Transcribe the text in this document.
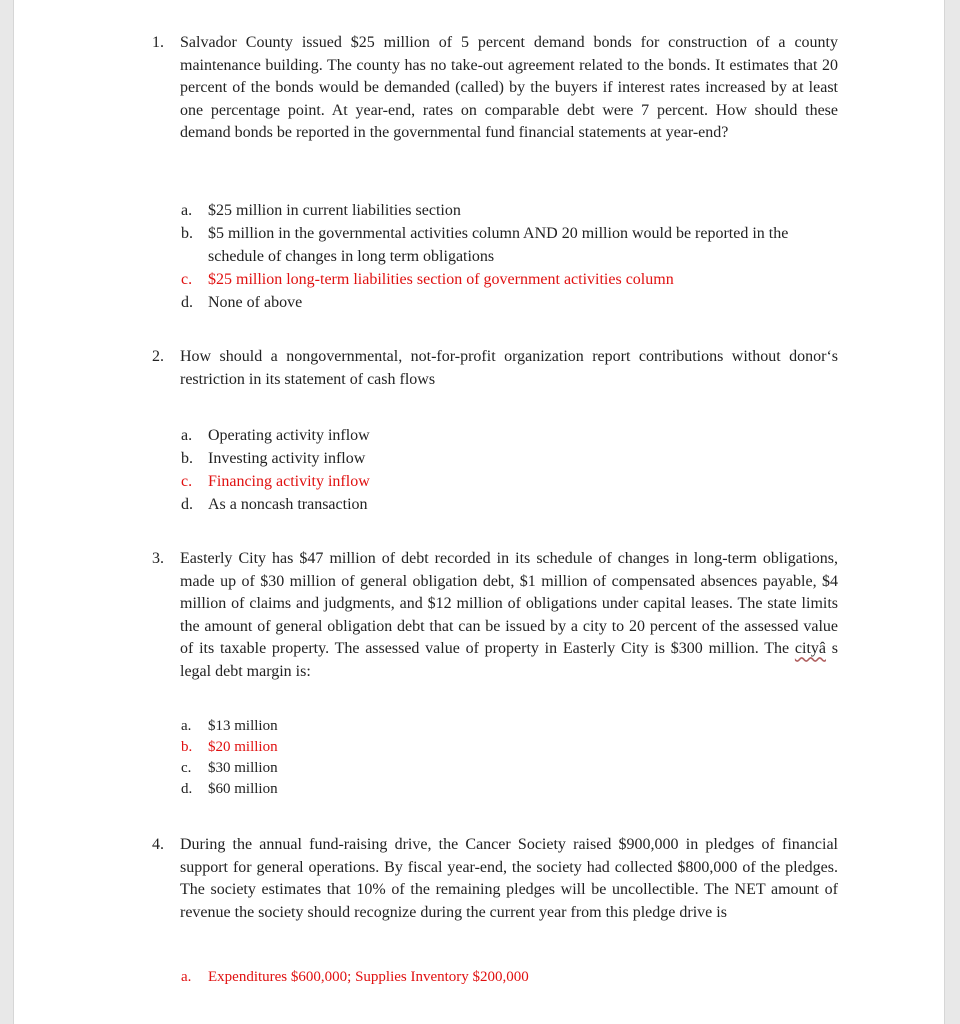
1.	Salvador County issued $25 million of 5 percent demand bonds for construction of a county maintenance building. The county has no take-out agreement related to the bonds. It estimates that 20 percent of the bonds would be demanded (called) by the buyers if interest rates increased by at least one percentage point. At year-end, rates on comparable debt were 7 percent. How should these demand bonds be reported in the governmental fund financial statements at year-end?
a. $25 million in current liabilities section
b. $5 million in the governmental activities column AND 20 million would be reported in the schedule of changes in long term obligations
c. $25 million long-term liabilities section of government activities column
d. None of above
2.	How should a nongovernmental, not-for-profit organization report contributions without donor‘s restriction in its statement of cash flows
a. Operating activity inflow
b. Investing activity inflow
c. Financing activity inflow
d. As a noncash transaction
3.	Easterly City has $47 million of debt recorded in its schedule of changes in long-term obligations, made up of $30 million of general obligation debt, $1 million of compensated absences payable, $4 million of claims and judgments, and $12 million of obligations under capital leases. The state limits the amount of general obligation debt that can be issued by a city to 20 percent of the assessed value of its taxable property. The assessed value of property in Easterly City is $300 million. The cityâ s legal debt margin is:
a.	$13 million
b.	$20 million
c.	$30 million
d.	$60 million
4.	During the annual fund-raising drive, the Cancer Society raised $900,000 in pledges of financial support for general operations. By fiscal year-end, the society had collected $800,000 of the pledges. The society estimates that 10% of the remaining pledges will be uncollectible. The NET amount of revenue the society should recognize during the current year from this pledge drive is
a.	Expenditures $600,000; Supplies Inventory $200,000
